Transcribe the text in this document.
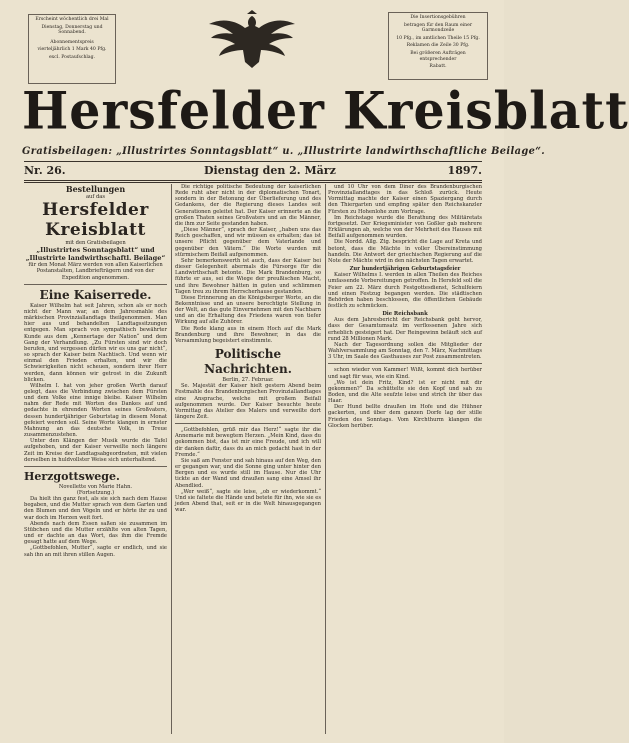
Erscheint wöchentlich drei Mal

Dienstag, Donnerstag und Sonnabend.

Abonnementspreis

vierteljährlich 1 Mark 40 Pfg.

excl. Postaufschlag.

Die Insertionsgebühren

betragen für den Raum einer Garmondzeile

10 Pfg., im amtlichen Theile 15 Pfg.

Reklamen die Zeile 30 Pfg.

Bei größeren Aufträgen entsprechender

Rabatt.

Hersfelder Kreisblatt
Gratisbeilagen: „Illustrirtes Sonntagsblatt“ u. „Illustrirte landwirthschaftliche Beilage“.
Nr. 26.	Dienstag den 2. März	1897.
Bestellungen
auf das
Hersfelder Kreisblatt
mit den Gratisbeilagen
„Illustrirtes Sonntagsblatt“ und „Illustrirte landwirthschaftl. Beilage“
für den Monat März werden von allen Kaiserlichen Postanstalten, Landbriefträgern und von der Expedition angenommen.
Eine Kaiserrede.

Kaiser Wilhelm hat seit Jahren, schon als er noch nicht der Mann war, an dem Jahresmahle des märkischen Provinziallandtags theilgenommen. Man hier aus und behandelten Landtagssitzungen entgegen. Man sprach von sympathisch bewährter Kunde aus dem „Kennertage der Nation“ und dem Gang der Verhandlung. „Zu Fürsten sind wir doch berufen, und vergessen dürfen wir es uns gar nicht“, so sprach der Kaiser beim Nachtisch. Und wenn wir einmal den Frieden erhalten, und wir die Schwierigkeiten nicht scheuen, sondern ihrer Herr werden, dann können wir getrost in die Zukunft blicken.

Wilhelm I. hat von jeher großen Werth darauf gelegt, dass die Verbindung zwischen dem Fürsten und dem Volke eine innige bleibe. Kaiser Wilhelm nahm der Rede mit Worten des Dankes auf und gedachte in ehrenden Worten seines Großvaters, dessen hundertjähriger Geburtstag in diesem Monat gefeiert werden soll. Seine Worte klangen in ernster Mahnung an das deutsche Volk, in Treue zusammenzustehen.

Unter den Klängen der Musik wurde die Tafel aufgehoben, und der Kaiser verweilte noch längere Zeit im Kreise der Landtagsabgeordneten, mit vielen derselben in huldvollster Weise sich unterhaltend.

Herzgottswege.
Novellette von Marie Hahn.
(Fortsetzung.)

Da hielt ihn ganz fest, als sie sich nach dem Hause begaben, und die Mutter sprach von dem Garten und den Blumen und den Vögeln und er hörte ihr zu und war doch im Herzen weit fort.

Abends nach dem Essen saßen sie zusammen im Stübchen und die Mutter erzählte von alten Tagen, und er dachte an das Wort, das ihm die Fremde gesagt hatte auf dem Wege.

„Gottbefohlen, Mutter“, sagte er endlich, und sie sah ihn an mit ihren stillen Augen.

Die richtige politische Bedeutung der kaiserlichen Rede ruht aber nicht in der diplomatischen Tonart, sondern in der Betonung der Überlieferung und des Gedankens, der die Regierung dieses Landes seit Generationen geleitet hat. Der Kaiser erinnerte an die großen Thaten seines Großvaters und an die Männer, die ihm zur Seite gestanden haben.

„Diese Männer“, sprach der Kaiser, „haben uns das Reich geschaffen, und wir müssen es erhalten; das ist unsere Pflicht gegenüber dem Vaterlande und gegenüber den Vätern.“ Die Worte wurden mit stürmischem Beifall aufgenommen.

Sehr bemerkenswerth ist auch, dass der Kaiser bei dieser Gelegenheit abermals die Fürsorge für die Landwirthschaft betonte. Die Mark Brandenburg, so führte er aus, sei die Wiege der preußischen Macht, und ihre Bewohner hätten in guten und schlimmen Tagen treu zu ihrem Herrscherhause gestanden.

Diese Erinnerung an die Königsberger Worte, an die Bekenntnisse und an unsere berechtigte Stellung in der Welt, an das gute Einvernehmen mit den Nachbarn und an die Erhaltung des Friedens waren von tiefer Wirkung auf alle Zuhörer.

Die Rede klang aus in einem Hoch auf die Mark Brandenburg und ihre Bewohner, in das die Versammlung begeistert einstimmte.

Politische Nachrichten.
Berlin, 27. Februar.

Se. Majestät der Kaiser hielt gestern Abend beim Festmahle des Brandenburgischen Provinziallandtages eine Ansprache, welche mit großem Beifall aufgenommen wurde. Der Kaiser besuchte heute Vormittag das Atelier des Malers und verweilte dort längere Zeit.

„Gottbefohlen, grüß mir das Herz!“ sagte ihr die Annemarie mit bewegtem Herzen. „Mein Kind, dass du gekommen bist, das ist mir eine Freude, und ich will dir danken dafür, dass du an mich gedacht hast in der Fremde.“

Sie saß am Fenster und sah hinaus auf den Weg, den er gegangen war, und die Sonne ging unter hinter den Bergen und es wurde still im Hause. Nur die Uhr tickte an der Wand und draußen sang eine Amsel ihr Abendlied.

„Wer weiß“, sagte sie leise, „ob er wiederkommt.“ Und sie faltete die Hände und betete für ihn, wie sie es jeden Abend that, seit er in die Welt hinausgegangen war.

und 10 Uhr von dem Diner des Brandenburgischen Provinziallandtages in das Schloß zurück. Heute Vormittag machte der Kaiser einen Spaziergang durch den Thiergarten und empfing später den Reichskanzler Fürsten zu Hohenlohe zum Vortrage.

Im Reichstage wurde die Berathung des Militäretats fortgesetzt. Der Kriegsminister von Goßler gab mehrere Erklärungen ab, welche von der Mehrheit des Hauses mit Beifall aufgenommen wurden.

Die Nordd. Allg. Ztg. bespricht die Lage auf Kreta und betont, dass die Mächte in voller Übereinstimmung handeln. Die Antwort der griechischen Regierung auf die Note der Mächte wird in den nächsten Tagen erwartet.

Zur hundertjährigen Geburtstagsfeier

Kaiser Wilhelms I. werden in allen Theilen des Reiches umfassende Vorbereitungen getroffen. In Hersfeld soll die Feier am 22. März durch Festgottesdienst, Schulfeiern und einen Festzug begangen werden. Die städtischen Behörden haben beschlossen, die öffentlichen Gebäude festlich zu schmücken.

Die Reichsbank

Aus dem Jahresbericht der Reichsbank geht hervor, dass der Gesamtumsatz im verflossenen Jahre sich erheblich gesteigert hat. Der Reingewinn beläuft sich auf rund 28 Millionen Mark.

Nach der Tagesordnung sollen die Mitglieder der Wahlversammlung am Sonntag, den 7. März, Nachmittags 3 Uhr, im Saale des Gasthauses zur Post zusammentreten.

schon wieder von Kammer! Wißt, kommt dich herüber und sagt für was, wie ein Kind.

„Wo ist dein Fritz, Kind? ist er nicht mit dir gekommen?“ Da schüttelte sie den Kopf und sah zu Boden, und die Alte seufzte leise und strich ihr über das Haar.

Der Hund bellte draußen im Hofe und die Hühner gackerten, und über dem ganzen Dorfe lag der stille Frieden des Sonntags. Vom Kirchthurm klangen die Glocken herüber.
